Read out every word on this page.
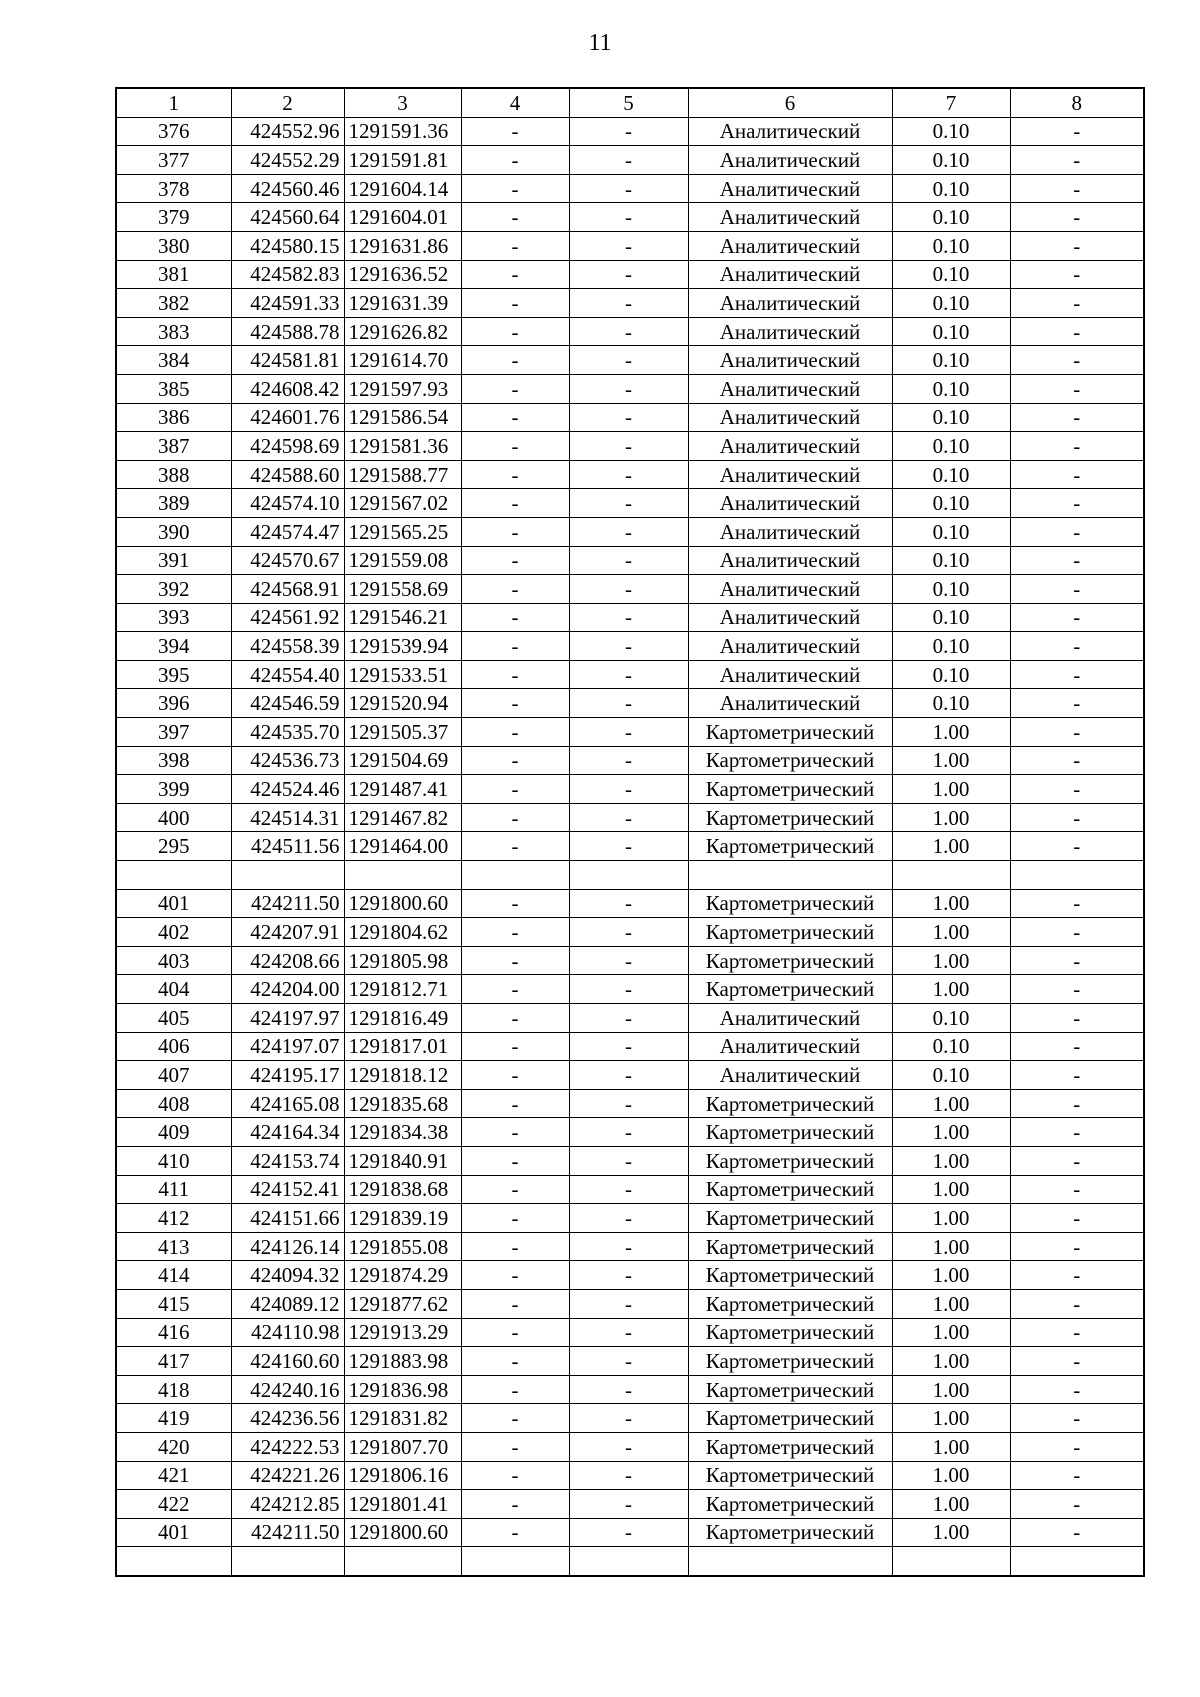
11
1	2	3	4	5	6	7	8
376	424552.96	1291591.36	-	-	Аналитический	0.10	-
377	424552.29	1291591.81	-	-	Аналитический	0.10	-
378	424560.46	1291604.14	-	-	Аналитический	0.10	-
379	424560.64	1291604.01	-	-	Аналитический	0.10	-
380	424580.15	1291631.86	-	-	Аналитический	0.10	-
381	424582.83	1291636.52	-	-	Аналитический	0.10	-
382	424591.33	1291631.39	-	-	Аналитический	0.10	-
383	424588.78	1291626.82	-	-	Аналитический	0.10	-
384	424581.81	1291614.70	-	-	Аналитический	0.10	-
385	424608.42	1291597.93	-	-	Аналитический	0.10	-
386	424601.76	1291586.54	-	-	Аналитический	0.10	-
387	424598.69	1291581.36	-	-	Аналитический	0.10	-
388	424588.60	1291588.77	-	-	Аналитический	0.10	-
389	424574.10	1291567.02	-	-	Аналитический	0.10	-
390	424574.47	1291565.25	-	-	Аналитический	0.10	-
391	424570.67	1291559.08	-	-	Аналитический	0.10	-
392	424568.91	1291558.69	-	-	Аналитический	0.10	-
393	424561.92	1291546.21	-	-	Аналитический	0.10	-
394	424558.39	1291539.94	-	-	Аналитический	0.10	-
395	424554.40	1291533.51	-	-	Аналитический	0.10	-
396	424546.59	1291520.94	-	-	Аналитический	0.10	-
397	424535.70	1291505.37	-	-	Картометрический	1.00	-
398	424536.73	1291504.69	-	-	Картометрический	1.00	-
399	424524.46	1291487.41	-	-	Картометрический	1.00	-
400	424514.31	1291467.82	-	-	Картометрический	1.00	-
295	424511.56	1291464.00	-	-	Картометрический	1.00	-

401	424211.50	1291800.60	-	-	Картометрический	1.00	-
402	424207.91	1291804.62	-	-	Картометрический	1.00	-
403	424208.66	1291805.98	-	-	Картометрический	1.00	-
404	424204.00	1291812.71	-	-	Картометрический	1.00	-
405	424197.97	1291816.49	-	-	Аналитический	0.10	-
406	424197.07	1291817.01	-	-	Аналитический	0.10	-
407	424195.17	1291818.12	-	-	Аналитический	0.10	-
408	424165.08	1291835.68	-	-	Картометрический	1.00	-
409	424164.34	1291834.38	-	-	Картометрический	1.00	-
410	424153.74	1291840.91	-	-	Картометрический	1.00	-
411	424152.41	1291838.68	-	-	Картометрический	1.00	-
412	424151.66	1291839.19	-	-	Картометрический	1.00	-
413	424126.14	1291855.08	-	-	Картометрический	1.00	-
414	424094.32	1291874.29	-	-	Картометрический	1.00	-
415	424089.12	1291877.62	-	-	Картометрический	1.00	-
416	424110.98	1291913.29	-	-	Картометрический	1.00	-
417	424160.60	1291883.98	-	-	Картометрический	1.00	-
418	424240.16	1291836.98	-	-	Картометрический	1.00	-
419	424236.56	1291831.82	-	-	Картометрический	1.00	-
420	424222.53	1291807.70	-	-	Картометрический	1.00	-
421	424221.26	1291806.16	-	-	Картометрический	1.00	-
422	424212.85	1291801.41	-	-	Картометрический	1.00	-
401	424211.50	1291800.60	-	-	Картометрический	1.00	-
